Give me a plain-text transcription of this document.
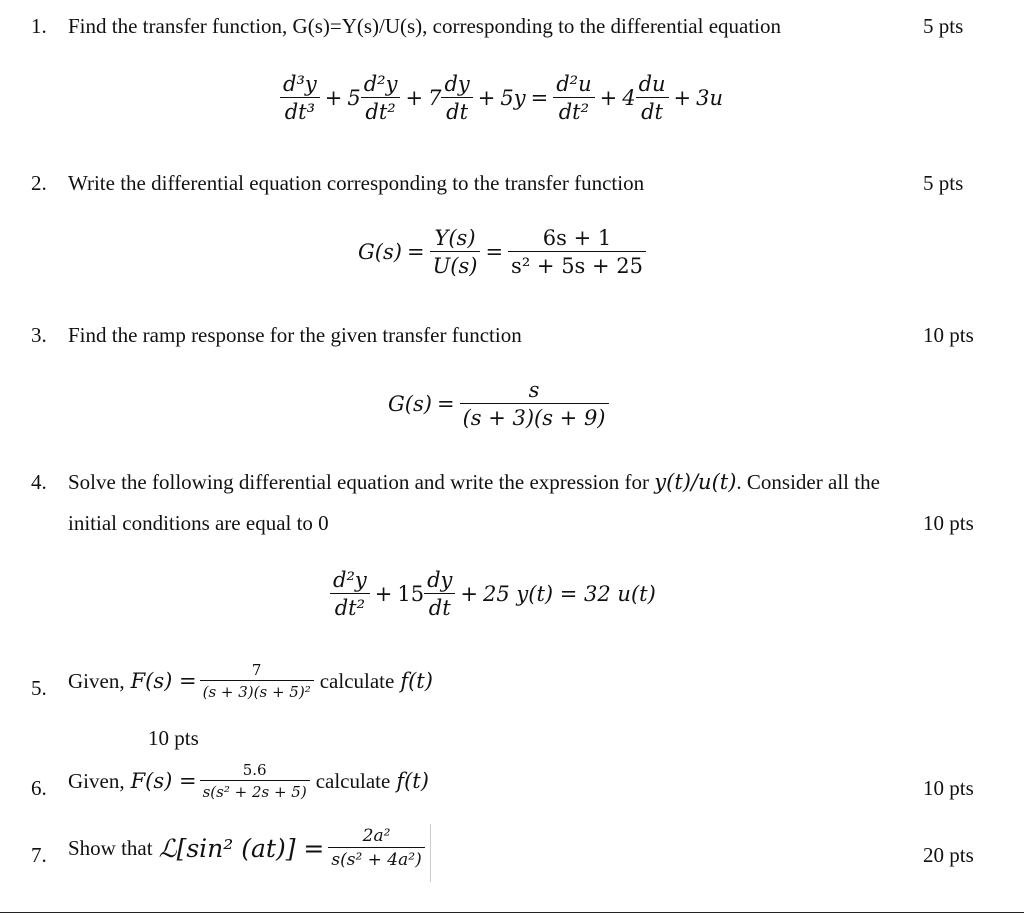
1. Find the transfer function, G(s)=Y(s)/U(s), corresponding to the differential equation	5 pts
$\frac{\text{d³y}}{\text{dt³}} + 5 \frac{\text{d²y}}{\text{dt²}} + 7 \frac{dy}{dt} + 5y = \frac{\text{d²u}}{\text{dt²}} + 4 \frac{du}{dt} + 3u$
2. Write the differential equation corresponding to the transfer function	5 pts
$G(s) = \frac{Y(s)}{U(s)} = \frac{6s + 1}{\text{s² + 5s + 25}}$
3. Find the ramp response for the given transfer function	10 pts
$G(s) = \frac{s}{(s + 3)(s + 9)}$
4. Solve the following differential equation and write the expression for y(t)/u(t). Consider all the
initial conditions are equal to 0	10 pts
$\frac{\text{d²y}}{\text{dt²}} + 15 \frac{dy}{dt} + 25$ y(t) = 32 u(t)
5. Given, $F(s) = \frac{7}{\text{(s + 3)(s + 5)²}}$ calculate f(t)
10 pts
6. Given, $F(s) = \frac{5.6}{\text{s(s² + 2s + 5)}}$ calculate f(t)	10 pts
7. Show that ℒ[sin² $(at)] = \frac{\text{2a²}}{\text{s(s² + 4a²)}}$	20 pts
